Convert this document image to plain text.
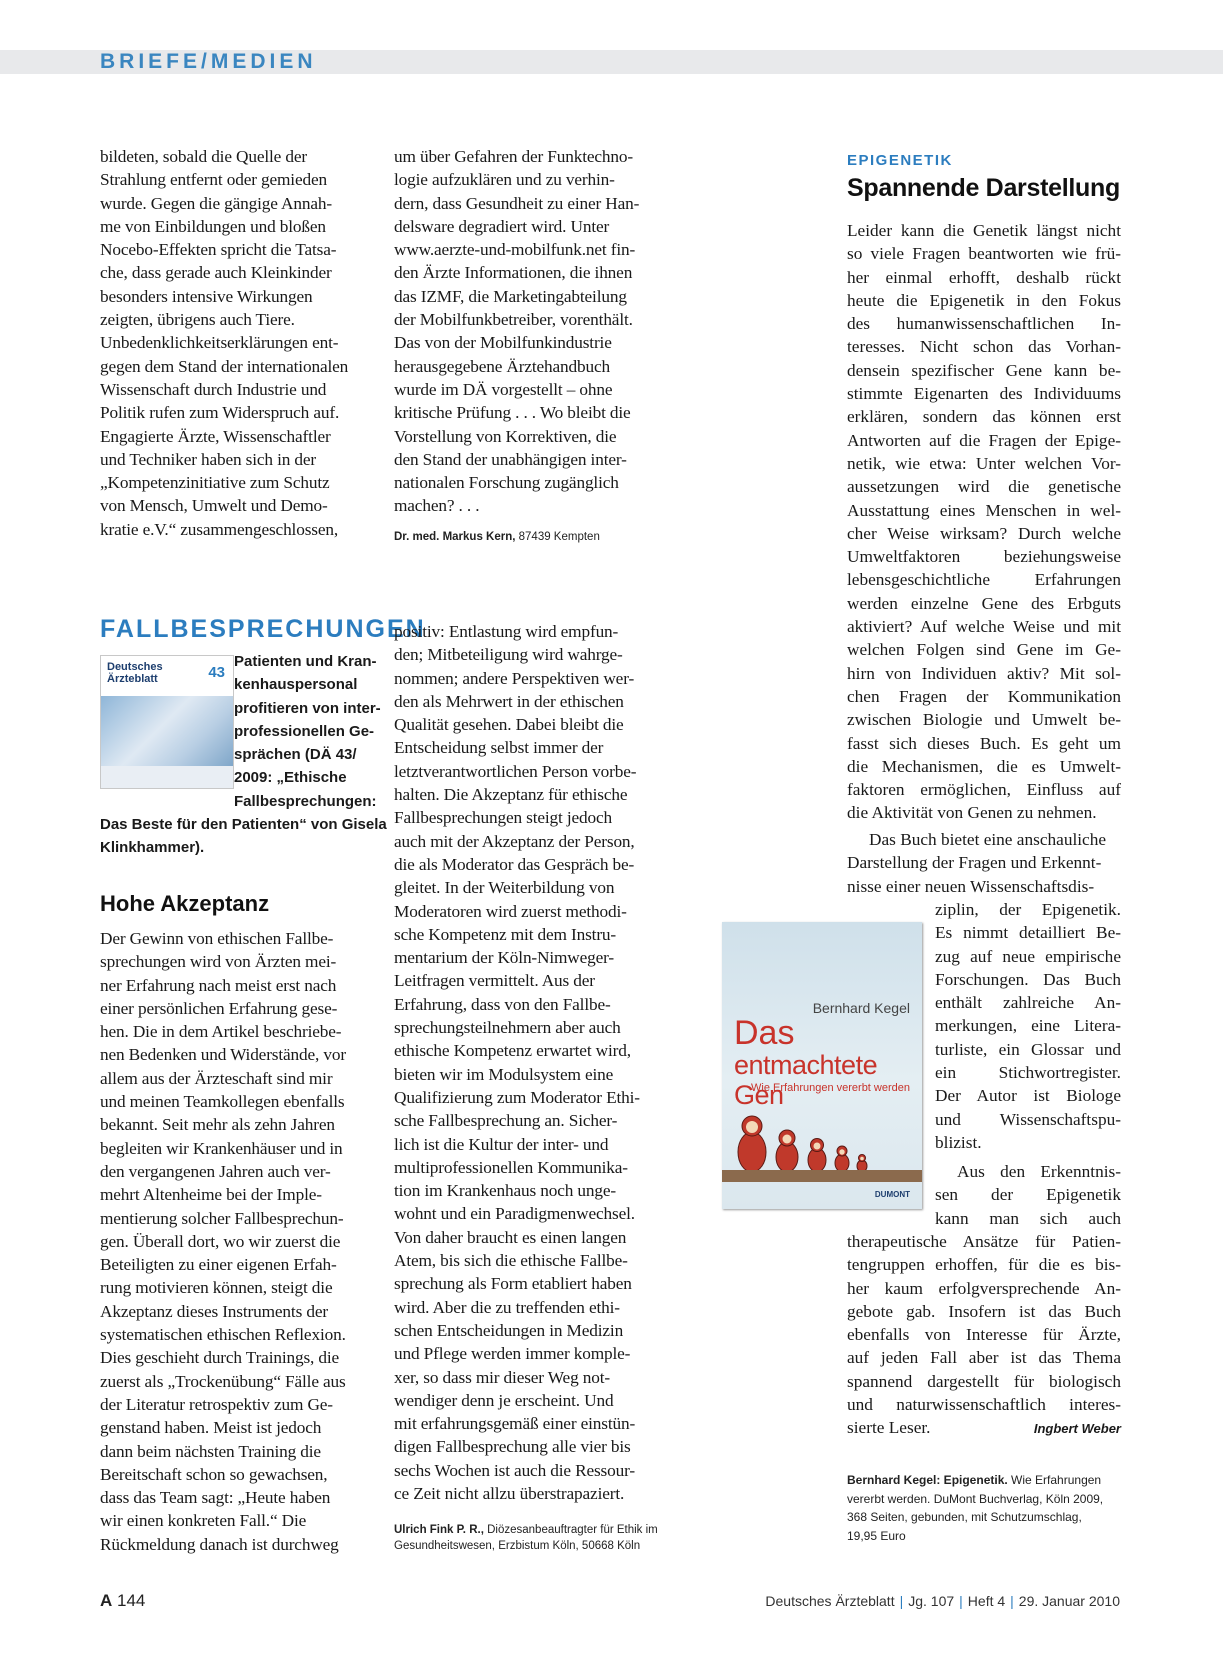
BRIEFE/MEDIEN
bildeten, sobald die Quelle der
Strahlung entfernt oder gemieden
wurde. Gegen die gängige Annah-
me von Einbildungen und bloßen
Nocebo-Effekten spricht die Tatsa-
che, dass gerade auch Kleinkinder
besonders intensive Wirkungen
zeigten, übrigens auch Tiere.
Unbedenklichkeitserklärungen ent-
gegen dem Stand der internationalen
Wissenschaft durch Industrie und
Politik rufen zum Widerspruch auf.
Engagierte Ärzte, Wissenschaftler
und Techniker haben sich in der
„Kompetenzinitiative zum Schutz
von Mensch, Umwelt und Demo-
kratie e.V.“ zusammengeschlossen,
um über Gefahren der Funktechno-
logie aufzuklären und zu verhin-
dern, dass Gesundheit zu einer Han-
delsware degradiert wird. Unter
www.aerzte-und-mobilfunk.net fin-
den Ärzte Informationen, die ihnen
das IZMF, die Marketingabteilung
der Mobilfunkbetreiber, vorenthält.
Das von der Mobilfunkindustrie
herausgegebene Ärztehandbuch
wurde im DÄ vorgestellt – ohne
kritische Prüfung . . . Wo bleibt die
Vorstellung von Korrektiven, die
den Stand der unabhängigen inter-
nationalen Forschung zugänglich
machen? . . .
Dr. med. Markus Kern, 87439 Kempten
FALLBESPRECHUNGEN
Deutsches Ärzteblatt	43
Patienten und Kran-
kenhauspersonal
profitieren von inter-
professionellen Ge-
sprächen (DÄ 43/
2009: „Ethische
Fallbesprechungen:
Das Beste für den Patienten“ von Gisela
Klinkhammer).
Hohe Akzeptanz
Der Gewinn von ethischen Fallbe-
sprechungen wird von Ärzten mei-
ner Erfahrung nach meist erst nach
einer persönlichen Erfahrung gese-
hen. Die in dem Artikel beschriebe-
nen Bedenken und Widerstände, vor
allem aus der Ärzteschaft sind mir
und meinen Teamkollegen ebenfalls
bekannt. Seit mehr als zehn Jahren
begleiten wir Krankenhäuser und in
den vergangenen Jahren auch ver-
mehrt Altenheime bei der Imple-
mentierung solcher Fallbesprechun-
gen. Überall dort, wo wir zuerst die
Beteiligten zu einer eigenen Erfah-
rung motivieren können, steigt die
Akzeptanz dieses Instruments der
systematischen ethischen Reflexion.
Dies geschieht durch Trainings, die
zuerst als „Trockenübung“ Fälle aus
der Literatur retrospektiv zum Ge-
genstand haben. Meist ist jedoch
dann beim nächsten Training die
Bereitschaft schon so gewachsen,
dass das Team sagt: „Heute haben
wir einen konkreten Fall.“ Die
Rückmeldung danach ist durchweg
positiv: Entlastung wird empfun-
den; Mitbeteiligung wird wahrge-
nommen; andere Perspektiven wer-
den als Mehrwert in der ethischen
Qualität gesehen. Dabei bleibt die
Entscheidung selbst immer der
letztverantwortlichen Person vorbe-
halten. Die Akzeptanz für ethische
Fallbesprechungen steigt jedoch
auch mit der Akzeptanz der Person,
die als Moderator das Gespräch be-
gleitet. In der Weiterbildung von
Moderatoren wird zuerst methodi-
sche Kompetenz mit dem Instru-
mentarium der Köln-Nimweger-
Leitfragen vermittelt. Aus der
Erfahrung, dass von den Fallbe-
sprechungsteilnehmern aber auch
ethische Kompetenz erwartet wird,
bieten wir im Modulsystem eine
Qualifizierung zum Moderator Ethi-
sche Fallbesprechung an. Sicher-
lich ist die Kultur der inter- und
multiprofessionellen Kommunika-
tion im Krankenhaus noch unge-
wohnt und ein Paradigmenwechsel.
Von daher braucht es einen langen
Atem, bis sich die ethische Fallbe-
sprechung als Form etabliert haben
wird. Aber die zu treffenden ethi-
schen Entscheidungen in Medizin
und Pflege werden immer komple-
xer, so dass mir dieser Weg not-
wendiger denn je erscheint. Und
mit erfahrungsgemäß einer einstün-
digen Fallbesprechung alle vier bis
sechs Wochen ist auch die Ressour-
ce Zeit nicht allzu überstrapaziert.
Ulrich Fink P. R., Diözesanbeauftragter für Ethik im
Gesundheitswesen, Erzbistum Köln, 50668 Köln
EPIGENETIK
Spannende Darstellung
Leider kann die Genetik längst nicht
so viele Fragen beantworten wie frü-
her einmal erhofft, deshalb rückt
heute die Epigenetik in den Fokus
des humanwissenschaftlichen In-
teresses. Nicht schon das Vorhan-
densein spezifischer Gene kann be-
stimmte Eigenarten des Individuums
erklären, sondern das können erst
Antworten auf die Fragen der Epige-
netik, wie etwa: Unter welchen Vor-
aussetzungen wird die genetische
Ausstattung eines Menschen in wel-
cher Weise wirksam? Durch welche
Umweltfaktoren beziehungsweise
lebensgeschichtliche Erfahrungen
werden einzelne Gene des Erbguts
aktiviert? Auf welche Weise und mit
welchen Folgen sind Gene im Ge-
hirn von Individuen aktiv? Mit sol-
chen Fragen der Kommunikation
zwischen Biologie und Umwelt be-
fasst sich dieses Buch. Es geht um
die Mechanismen, die es Umwelt-
faktoren ermöglichen, Einfluss auf
die Aktivität von Genen zu nehmen.
Das Buch bietet eine anschauliche
Darstellung der Fragen und Erkennt-
nisse einer neuen Wissenschaftsdis-
ziplin, der Epigenetik.
Es nimmt detailliert Be-
zug auf neue empirische
Forschungen. Das Buch
enthält zahlreiche An-
merkungen, eine Litera-
turliste, ein Glossar und
ein Stichwortregister.
Der Autor ist Biologe
und Wissenschaftspu-
blizist.
Aus den Erkenntnis-
sen der Epigenetik
kann man sich auch
therapeutische Ansätze für Patien-
tengruppen erhoffen, für die es bis-
her kaum erfolgversprechende An-
gebote gab. Insofern ist das Buch
ebenfalls von Interesse für Ärzte,
auf jeden Fall aber ist das Thema
spannend dargestellt für biologisch
und naturwissenschaftlich interes-
sierte Leser.	Ingbert Weber
Bernhard Kegel
Das
entmachtete Gen
Wie Erfahrungen vererbt werden
DUMONT
Bernhard Kegel: Epigenetik. Wie Erfahrungen
vererbt werden. DuMont Buchverlag, Köln 2009,
368 Seiten, gebunden, mit Schutzumschlag,
19,95 Euro

A 144	Deutsches Ärzteblatt | Jg. 107 | Heft 4 | 29. Januar 2010
